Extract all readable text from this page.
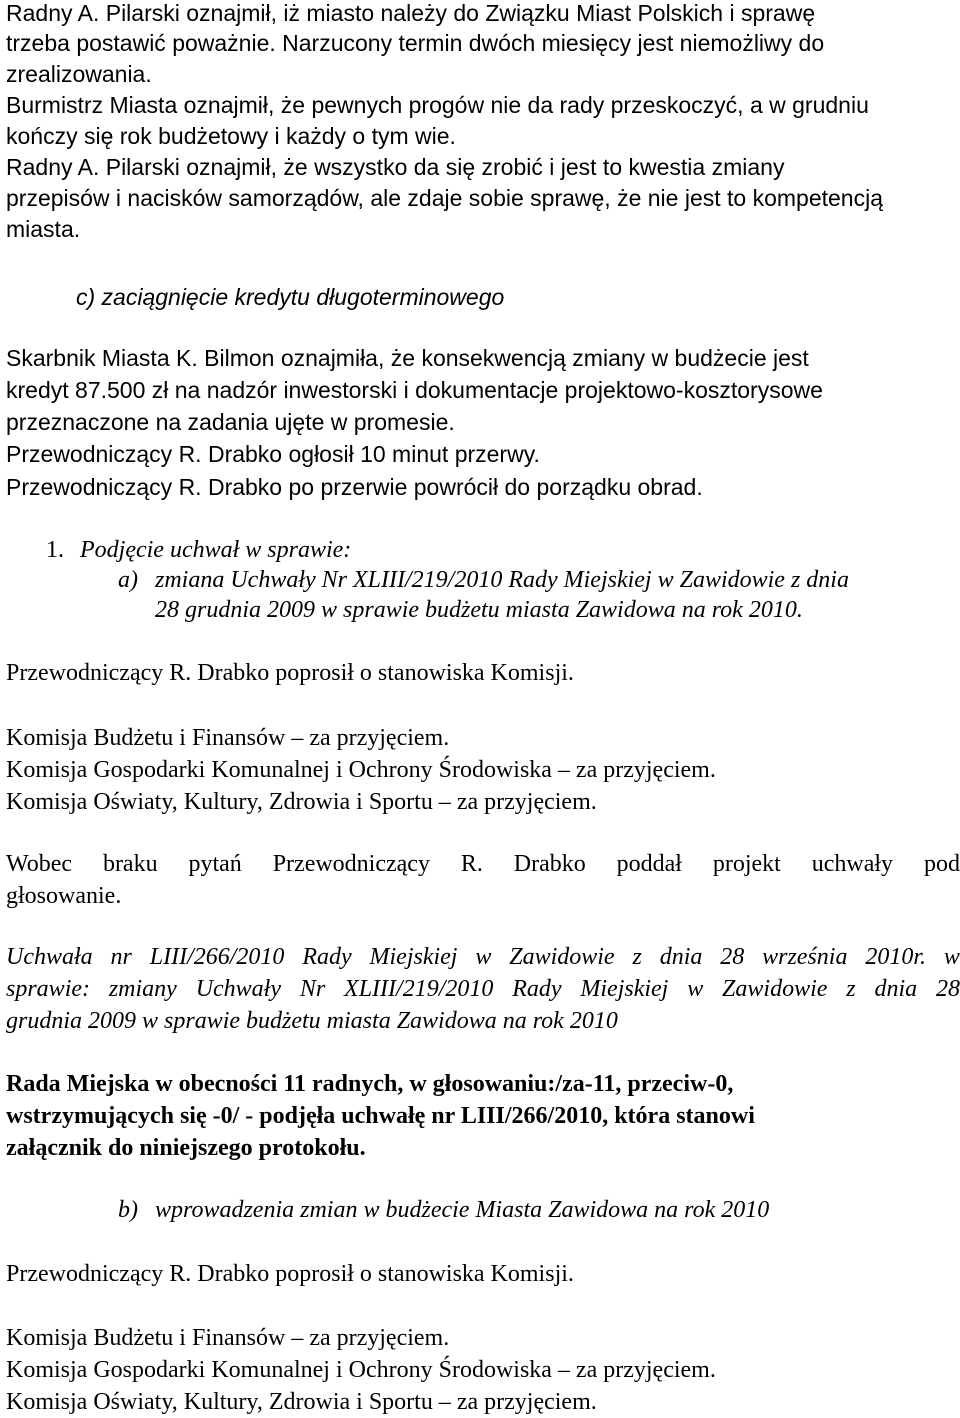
Radny A. Pilarski oznajmił, iż miasto należy do Związku Miast Polskich i sprawę

trzeba postawić poważnie. Narzucony termin dwóch miesięcy jest niemożliwy do

zrealizowania.

Burmistrz Miasta oznajmił, że pewnych progów nie da rady przeskoczyć, a w grudniu

kończy się rok budżetowy i każdy o tym wie.

Radny A. Pilarski oznajmił, że wszystko da się zrobić i jest to kwestia zmiany

przepisów i nacisków samorządów, ale zdaje sobie sprawę, że nie jest to kompetencją

miasta.

c) zaciągnięcie kredytu długoterminowego

Skarbnik Miasta K. Bilmon oznajmiła, że konsekwencją zmiany w budżecie jest

kredyt 87.500 zł na nadzór inwestorski i dokumentacje projektowo-kosztorysowe

przeznaczone na zadania ujęte w promesie.

Przewodniczący R. Drabko ogłosił 10 minut przerwy.

Przewodniczący R. Drabko po przerwie powrócił do porządku obrad.

1. Podjęcie uchwał w sprawie:

a) zmiana Uchwały Nr XLIII/219/2010 Rady Miejskiej w Zawidowie z dnia

28 grudnia 2009 w sprawie budżetu miasta Zawidowa na rok 2010.

Przewodniczący R. Drabko poprosił o stanowiska Komisji.

Komisja Budżetu i Finansów – za przyjęciem.

Komisja Gospodarki Komunalnej i Ochrony Środowiska – za przyjęciem.

Komisja Oświaty, Kultury, Zdrowia i Sportu – za przyjęciem.

Wobec braku pytań Przewodniczący R. Drabko poddał projekt uchwały pod

głosowanie.

Uchwała nr LIII/266/2010 Rady Miejskiej w Zawidowie z dnia 28 września 2010r. w
sprawie: zmiany Uchwały Nr XLIII/219/2010 Rady Miejskiej w Zawidowie z dnia 28

grudnia 2009 w sprawie budżetu miasta Zawidowa na rok 2010

Rada Miejska w obecności 11 radnych, w głosowaniu:/za-11, przeciw-0,

wstrzymujących się -0/ - podjęła uchwałę nr LIII/266/2010, która stanowi

załącznik do niniejszego protokołu.

b) wprowadzenia zmian w budżecie Miasta Zawidowa na rok 2010

Przewodniczący R. Drabko poprosił o stanowiska Komisji.

Komisja Budżetu i Finansów – za przyjęciem.

Komisja Gospodarki Komunalnej i Ochrony Środowiska – za przyjęciem.

Komisja Oświaty, Kultury, Zdrowia i Sportu – za przyjęciem.
